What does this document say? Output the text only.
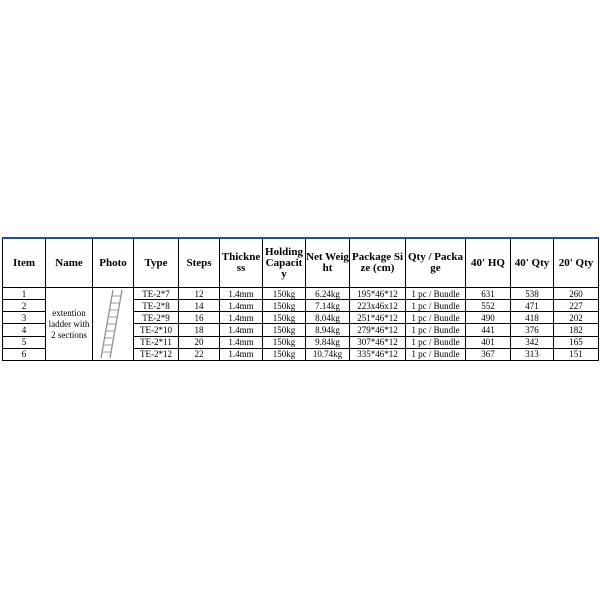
Item	Name	Photo	Type	Steps	Thickness	Holding Capacity	Net Weight	Package Size (cm)	Qty / Package	40' HQ	40' Qty	20' Qty
1	extention ladder with 2 sections		TE-2*7	12	1.4mm	150kg	6.24kg	195*46*12	1 pc / Bundle	631	538	260
2			TE-2*8	14	1.4mm	150kg	7.14kg	223x46x12	1 pc / Bundle	552	471	227
3			TE-2*9	16	1.4mm	150kg	8.04kg	251*46*12	1 pc / Bundle	490	418	202
4			TE-2*10	18	1.4mm	150kg	8.94kg	279*46*12	1 pc / Bundle	441	376	182
5			TE-2*11	20	1.4mm	150kg	9.84kg	307*46*12	1 pc / Bundle	401	342	165
6			TE-2*12	22	1.4mm	150kg	10.74kg	335*46*12	1 pc / Bundle	367	313	151
